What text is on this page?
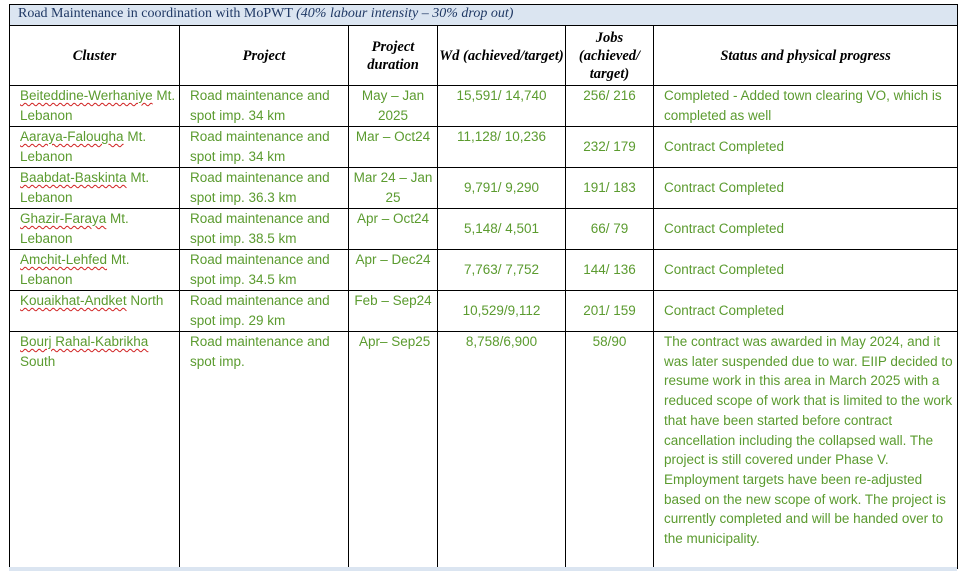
Road Maintenance in coordination with MoPWT (40% labour intensity – 30% drop out)					
Cluster	Project	Project duration	Wd (achieved/target)	Jobs (achieved/ target)	Status and physical progress
Beiteddine-Werhaniye Mt. Lebanon	Road maintenance and spot imp. 34 km	May – Jan 2025	15,591/ 14,740	256/ 216	Completed - Added town clearing VO, which is completed as well
Aaraya-Falougha Mt. Lebanon	Road maintenance and spot imp. 34 km	Mar – Oct24	11,128/ 10,236	232/ 179	Contract Completed
Baabdat-Baskinta Mt. Lebanon	Road maintenance and spot imp. 36.3 km	Mar 24 – Jan 25	9,791/ 9,290	191/ 183	Contract Completed
Ghazir-Faraya Mt. Lebanon	Road maintenance and spot imp. 38.5 km	Apr – Oct24	5,148/ 4,501	66/ 79	Contract Completed
Amchit-Lehfed Mt. Lebanon	Road maintenance and spot imp. 34.5 km	Apr – Dec24	7,763/ 7,752	144/ 136	Contract Completed
Kouaikhat-Andket North	Road maintenance and spot imp. 29 km	Feb – Sep24	10,529/9,112	201/ 159	Contract Completed
Bourj Rahal-Kabrikha South	Road maintenance and spot imp.	Apr– Sep25	8,758/6,900	58/90	The contract was awarded in May 2024, and it was later suspended due to war. EIIP decided to resume work in this area in March 2025 with a reduced scope of work that is limited to the work that have been started before contract cancellation including the collapsed wall. The project is still covered under Phase V. Employment targets have been re-adjusted based on the new scope of work. The project is currently completed and will be handed over to the municipality.
